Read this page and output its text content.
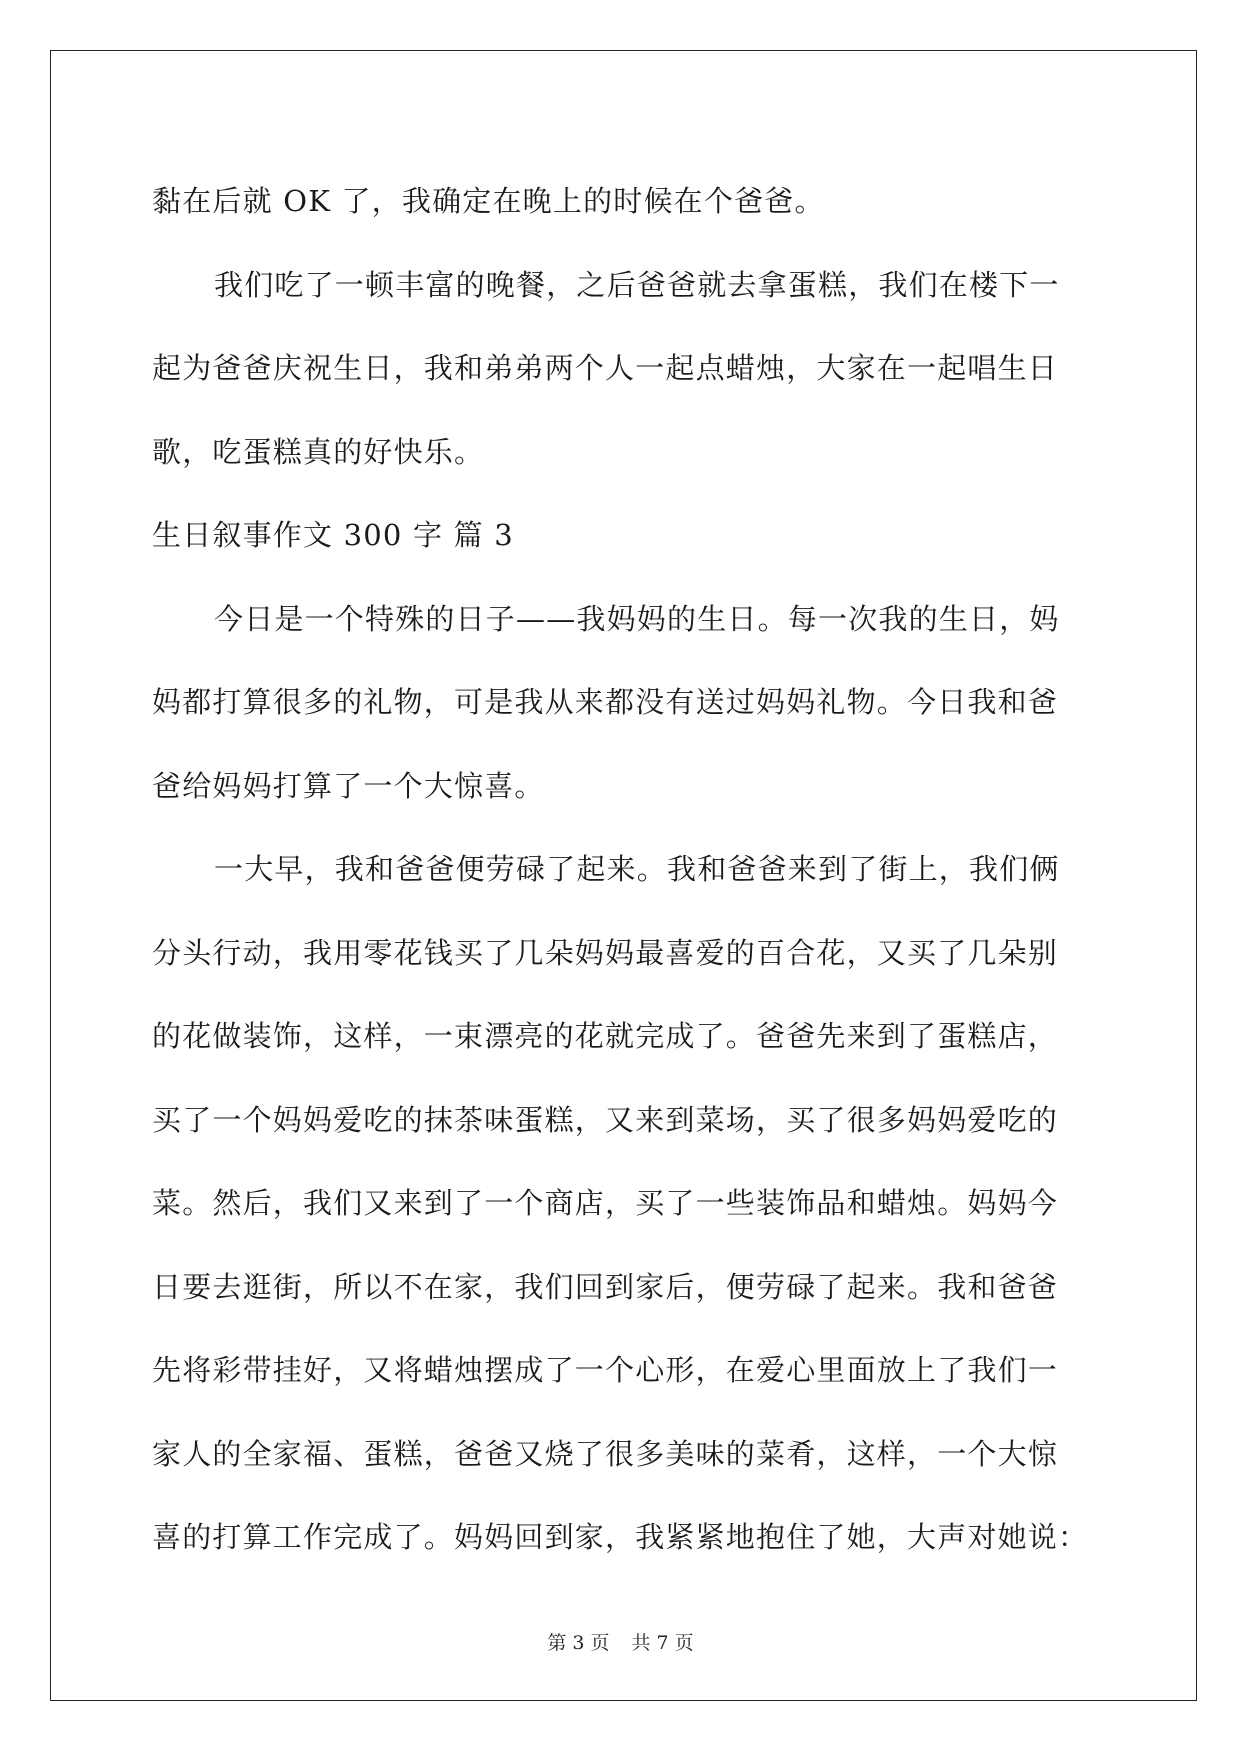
黏在后就 OK 了，我确定在晚上的时候在个爸爸。
我们吃了一顿丰富的晚餐，之后爸爸就去拿蛋糕，我们在楼下一
起为爸爸庆祝生日，我和弟弟两个人一起点蜡烛，大家在一起唱生日
歌，吃蛋糕真的好快乐。
生日叙事作文 300 字 篇 3
今日是一个特殊的日子——我妈妈的生日。每一次我的生日，妈
妈都打算很多的礼物，可是我从来都没有送过妈妈礼物。今日我和爸
爸给妈妈打算了一个大惊喜。
一大早，我和爸爸便劳碌了起来。我和爸爸来到了街上，我们俩
分头行动，我用零花钱买了几朵妈妈最喜爱的百合花，又买了几朵别
的花做装饰，这样，一束漂亮的花就完成了。爸爸先来到了蛋糕店，
买了一个妈妈爱吃的抹茶味蛋糕，又来到菜场，买了很多妈妈爱吃的
菜。然后，我们又来到了一个商店，买了一些装饰品和蜡烛。妈妈今
日要去逛街，所以不在家，我们回到家后，便劳碌了起来。我和爸爸
先将彩带挂好，又将蜡烛摆成了一个心形，在爱心里面放上了我们一
家人的全家福、蛋糕，爸爸又烧了很多美味的菜肴，这样，一个大惊
喜的打算工作完成了。妈妈回到家，我紧紧地抱住了她，大声对她说：
第 3 页 共 7 页
